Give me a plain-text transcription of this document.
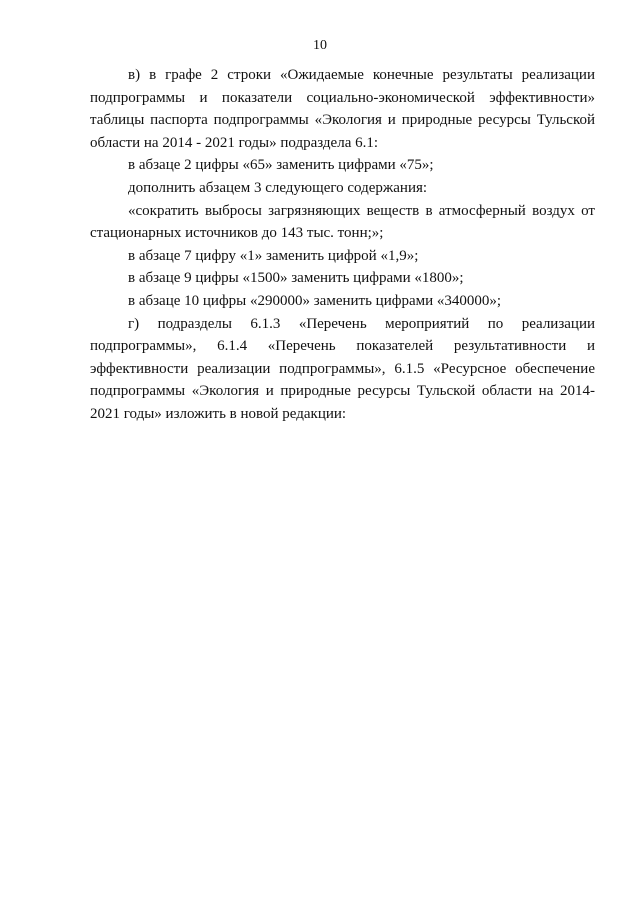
10

в) в графе 2 строки «Ожидаемые конечные результаты реализации подпрограммы и показатели социально-экономической эффективности» таблицы паспорта подпрограммы «Экология и природные ресурсы Тульской области на 2014 - 2021 годы» подраздела 6.1:

в абзаце 2 цифры «65» заменить цифрами «75»;

дополнить абзацем 3 следующего содержания:

«сократить выбросы загрязняющих веществ в атмосферный воздух от стационарных источников до 143 тыс. тонн;»;

в абзаце 7 цифру «1» заменить цифрой «1,9»;

в абзаце 9 цифры «1500» заменить цифрами «1800»;

в абзаце 10 цифры «290000» заменить цифрами «340000»;

г) подразделы 6.1.3 «Перечень мероприятий по реализации подпрограммы», 6.1.4 «Перечень показателей результативности и эффективности реализации подпрограммы», 6.1.5 «Ресурсное обеспечение подпрограммы «Экология и природные ресурсы Тульской области на 2014-2021 годы» изложить в новой редакции:
